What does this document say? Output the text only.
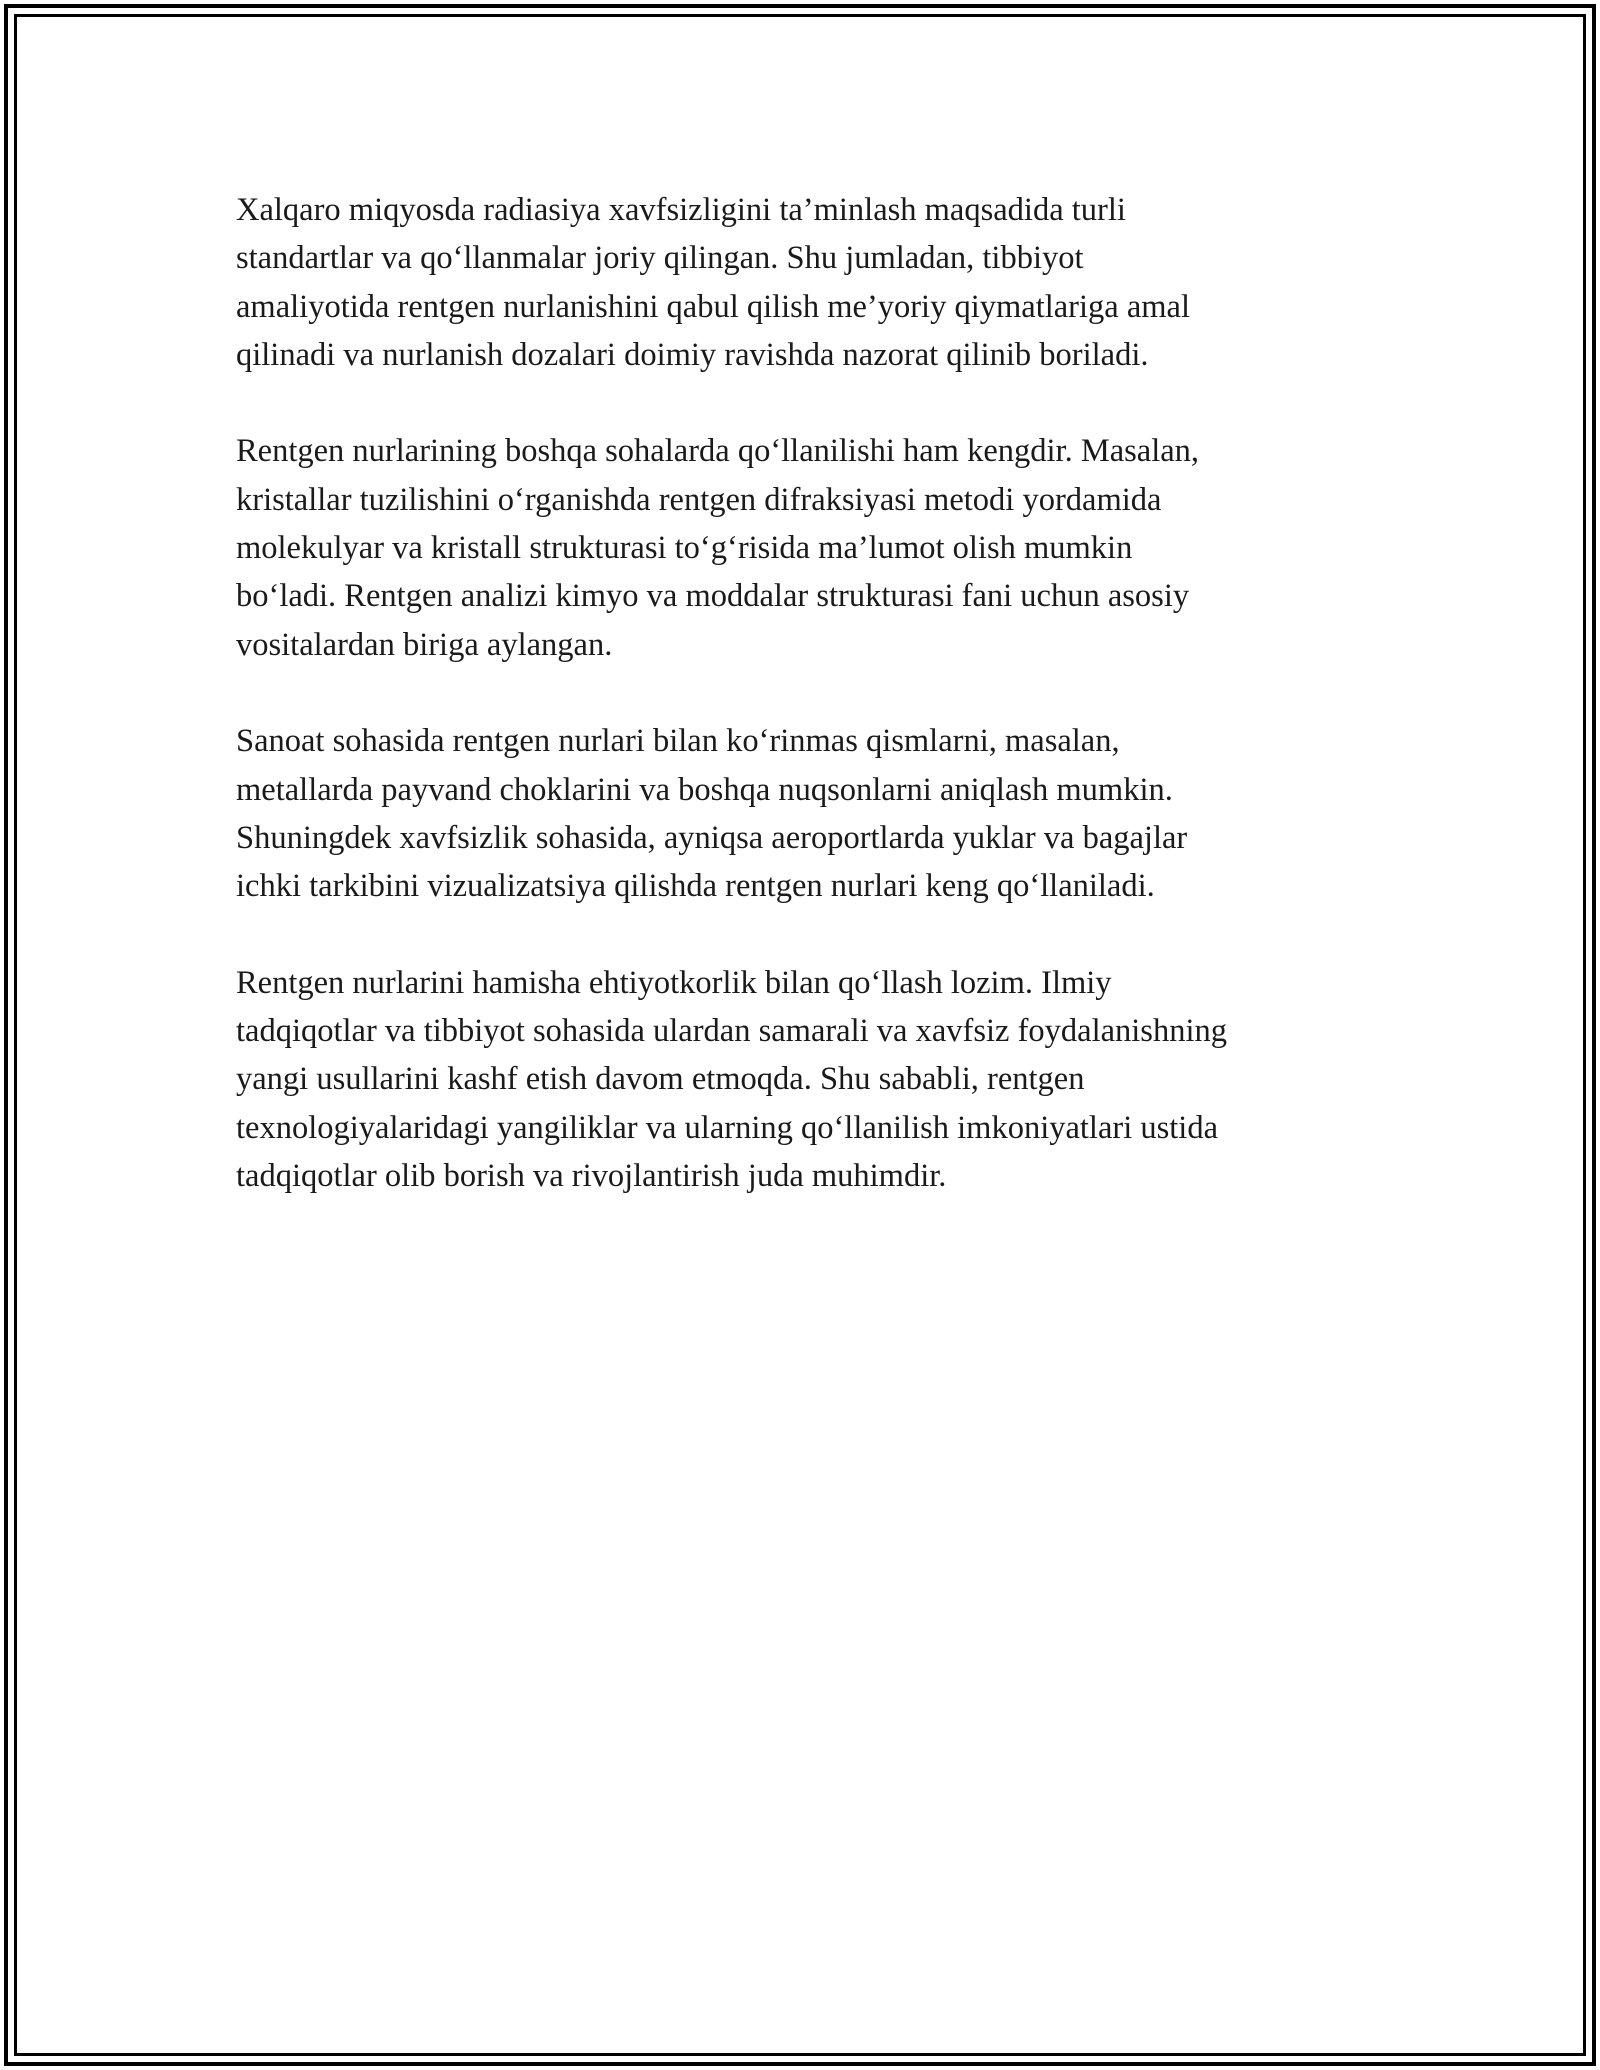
Xalqaro miqyosda radiasiya xavfsizligini ta’minlash maqsadida turli
standartlar va qo‘llanmalar joriy qilingan. Shu jumladan, tibbiyot
amaliyotida rentgen nurlanishini qabul qilish me’yoriy qiymatlariga amal
qilinadi va nurlanish dozalari doimiy ravishda nazorat qilinib boriladi.

Rentgen nurlarining boshqa sohalarda qo‘llanilishi ham kengdir. Masalan,
kristallar tuzilishini o‘rganishda rentgen difraksiyasi metodi yordamida
molekulyar va kristall strukturasi to‘g‘risida ma’lumot olish mumkin
bo‘ladi. Rentgen analizi kimyo va moddalar strukturasi fani uchun asosiy
vositalardan biriga aylangan.

Sanoat sohasida rentgen nurlari bilan ko‘rinmas qismlarni, masalan,
metallarda payvand choklarini va boshqa nuqsonlarni aniqlash mumkin.
Shuningdek xavfsizlik sohasida, ayniqsa aeroportlarda yuklar va bagajlar
ichki tarkibini vizualizatsiya qilishda rentgen nurlari keng qo‘llaniladi.

Rentgen nurlarini hamisha ehtiyotkorlik bilan qo‘llash lozim. Ilmiy
tadqiqotlar va tibbiyot sohasida ulardan samarali va xavfsiz foydalanishning
yangi usullarini kashf etish davom etmoqda. Shu sababli, rentgen
texnologiyalaridagi yangiliklar va ularning qo‘llanilish imkoniyatlari ustida
tadqiqotlar olib borish va rivojlantirish juda muhimdir.
